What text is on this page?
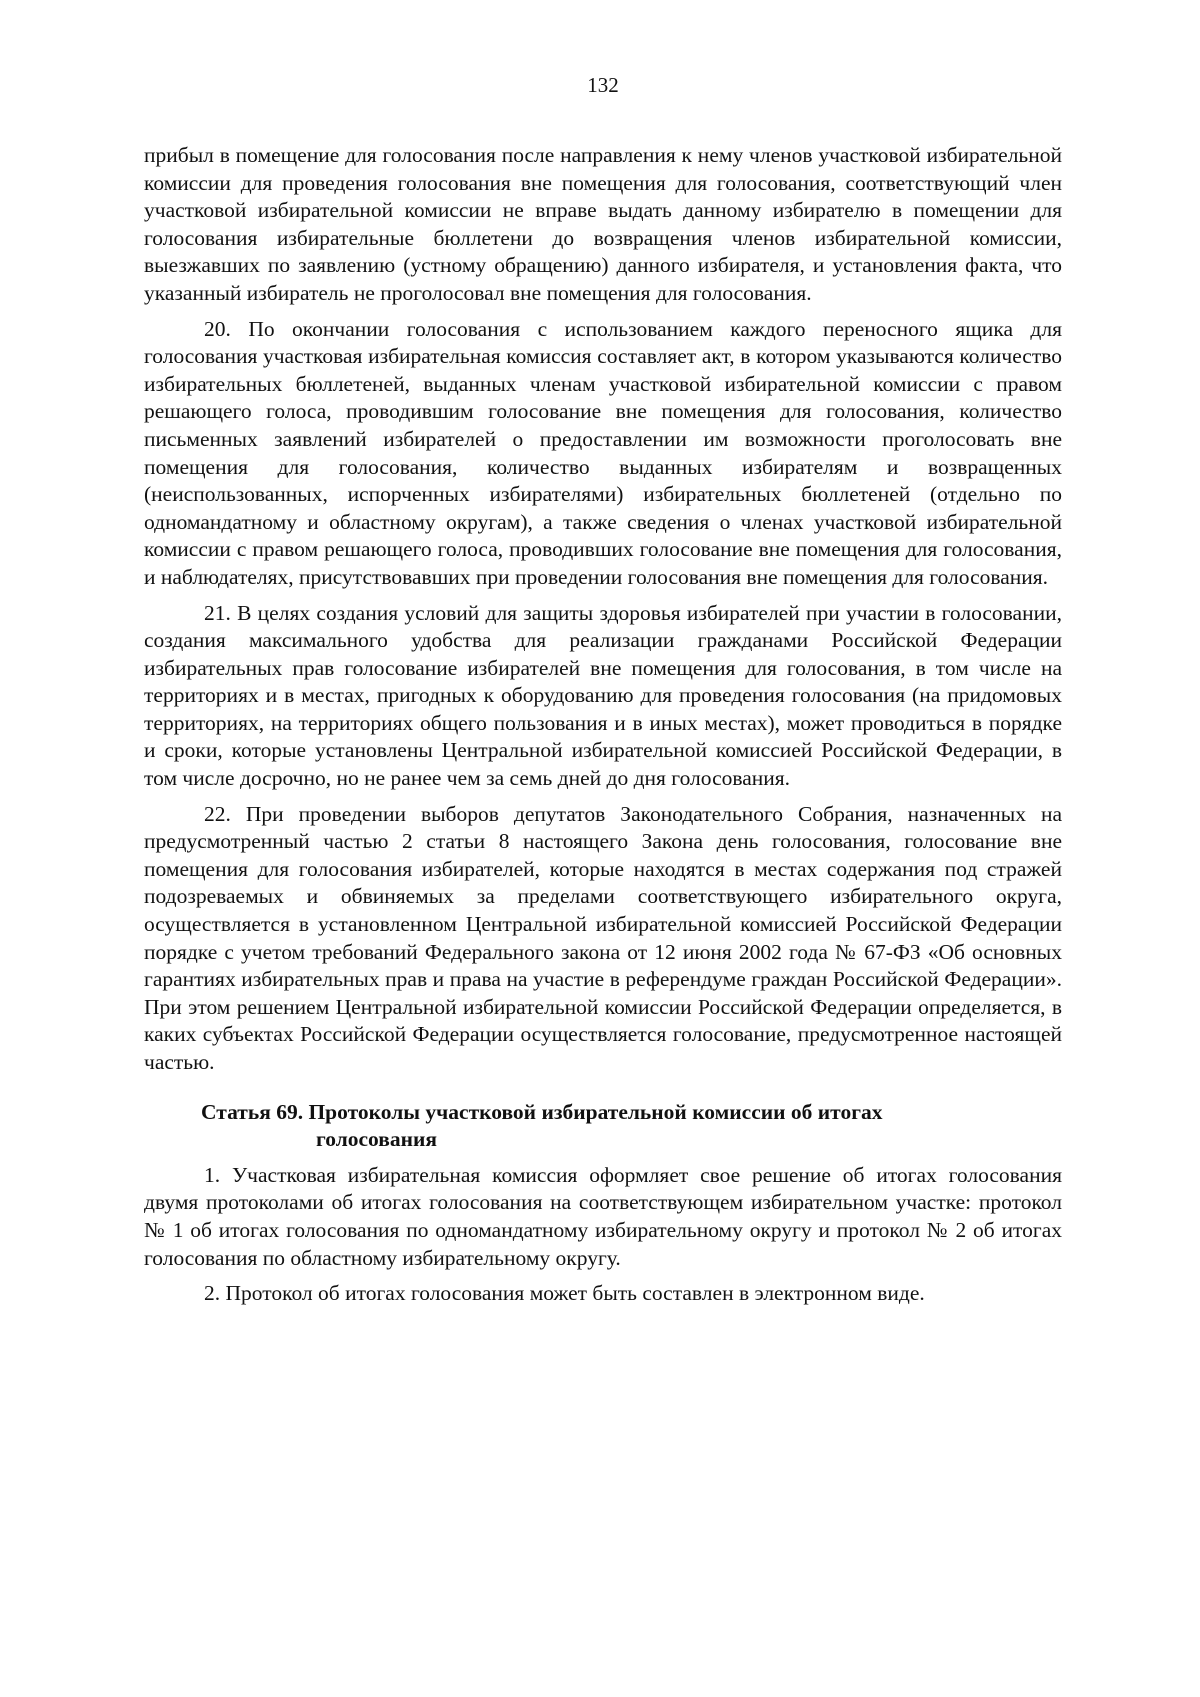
132

прибыл в помещение для голосования после направления к нему членов участковой избирательной комиссии для проведения голосования вне помещения для голосования, соответствующий член участковой избирательной комиссии не вправе выдать данному избирателю в помещении для голосования избирательные бюллетени до возвращения членов избирательной комиссии, выезжавших по заявлению (устному обращению) данного избирателя, и установления факта, что указанный избиратель не проголосовал вне помещения для голосования.

20. По окончании голосования с использованием каждого переносного ящика для голосования участковая избирательная комиссия составляет акт, в котором указываются количество избирательных бюллетеней, выданных членам участковой избирательной комиссии с правом решающего голоса, проводившим голосование вне помещения для голосования, количество письменных заявлений избирателей о предоставлении им возможности проголосовать вне помещения для голосования, количество выданных избирателям и возвращенных (неиспользованных, испорченных избирателями) избирательных бюллетеней (отдельно по одномандатному и областному округам), а также сведения о членах участковой избирательной комиссии с правом решающего голоса, проводивших голосование вне помещения для голосования, и наблюдателях, присутствовавших при проведении голосования вне помещения для голосования.

21. В целях создания условий для защиты здоровья избирателей при участии в голосовании, создания максимального удобства для реализации гражданами Российской Федерации избирательных прав голосование избирателей вне помещения для голосования, в том числе на территориях и в местах, пригодных к оборудованию для проведения голосования (на придомовых территориях, на территориях общего пользования и в иных местах), может проводиться в порядке и сроки, которые установлены Центральной избирательной комиссией Российской Федерации, в том числе досрочно, но не ранее чем за семь дней до дня голосования.

22. При проведении выборов депутатов Законодательного Собрания, назначенных на предусмотренный частью 2 статьи 8 настоящего Закона день голосования, голосование вне помещения для голосования избирателей, которые находятся в местах содержания под стражей подозреваемых и обвиняемых за пределами соответствующего избирательного округа, осуществляется в установленном Центральной избирательной комиссией Российской Федерации порядке с учетом требований Федерального закона от 12 июня 2002 года № 67-ФЗ «Об основных гарантиях избирательных прав и права на участие в референдуме граждан Российской Федерации». При этом решением Центральной избирательной комиссии Российской Федерации определяется, в каких субъектах Российской Федерации осуществляется голосование, предусмотренное настоящей частью.

Статья 69. Протоколы участковой избирательной комиссии об итогах
голосования

1. Участковая избирательная комиссия оформляет свое решение об итогах голосования двумя протоколами об итогах голосования на соответствующем избирательном участке: протокол № 1 об итогах голосования по одномандатному избирательному округу и протокол № 2 об итогах голосования по областному избирательному округу.

2. Протокол об итогах голосования может быть составлен в электронном виде.
